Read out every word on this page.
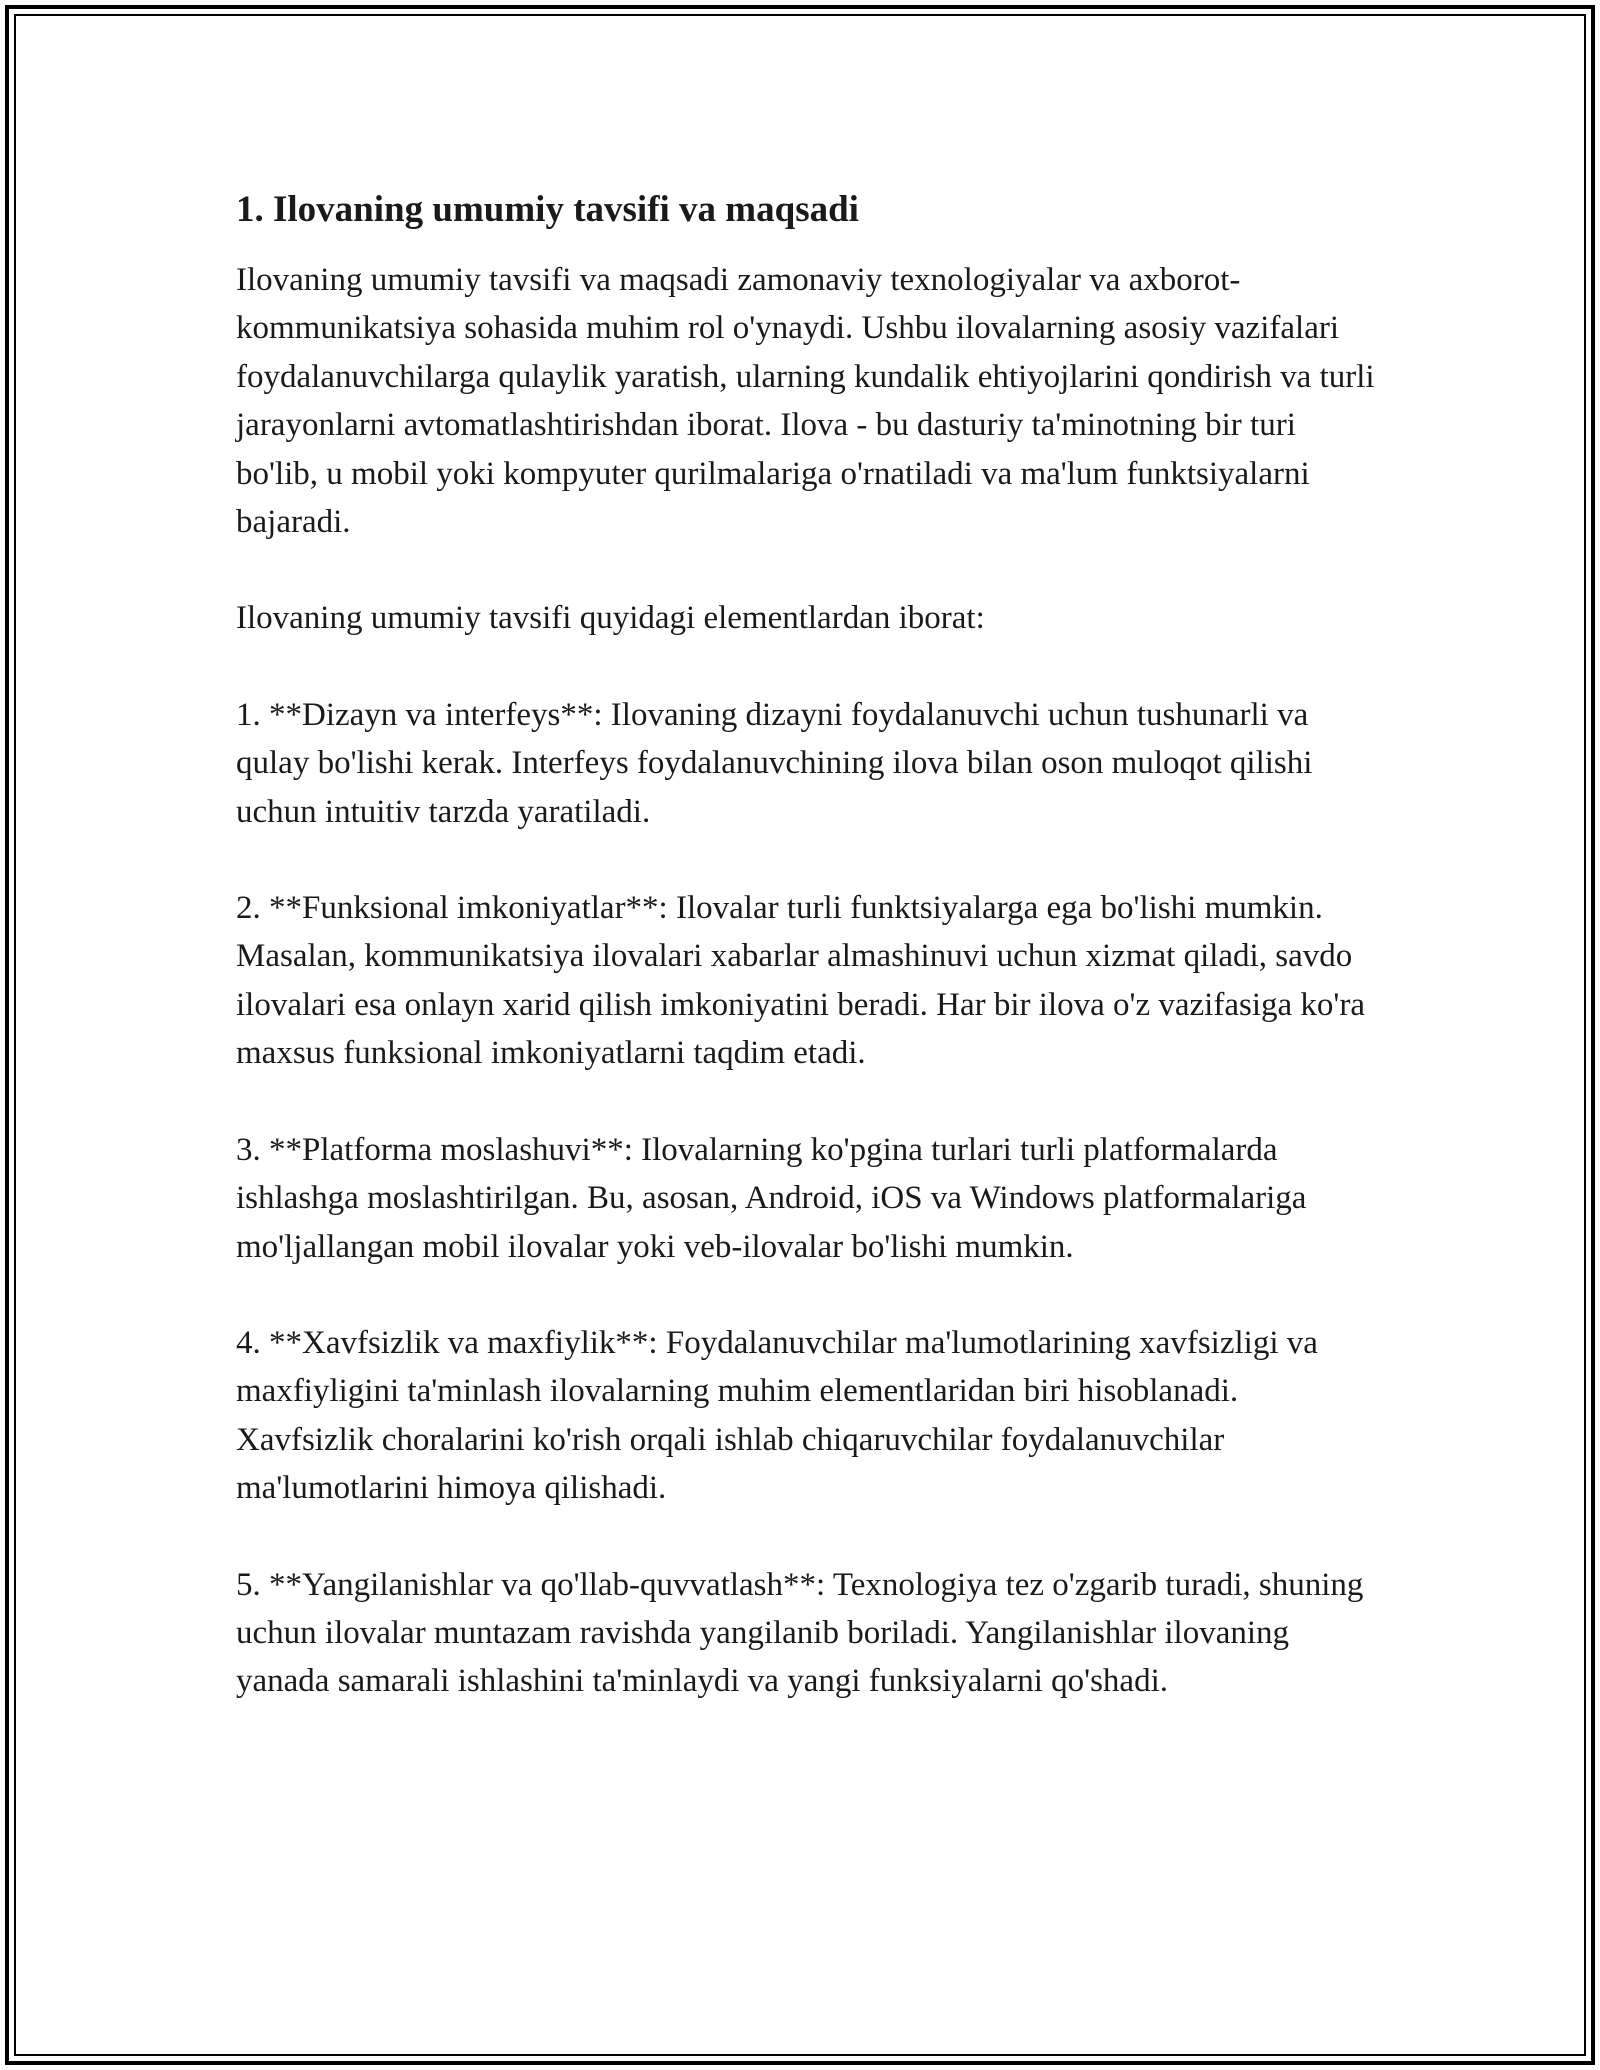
1. Ilovaning umumiy tavsifi va maqsadi

Ilovaning umumiy tavsifi va maqsadi zamonaviy texnologiyalar va axborot-kommunikatsiya sohasida muhim rol o'ynaydi. Ushbu ilovalarning asosiy vazifalari foydalanuvchilarga qulaylik yaratish, ularning kundalik ehtiyojlarini qondirish va turli jarayonlarni avtomatlashtirishdan iborat. Ilova - bu dasturiy ta'minotning bir turi bo'lib, u mobil yoki kompyuter qurilmalariga o'rnatiladi va ma'lum funktsiyalarni bajaradi.

Ilovaning umumiy tavsifi quyidagi elementlardan iborat:

1. **Dizayn va interfeys**: Ilovaning dizayni foydalanuvchi uchun tushunarli va qulay bo'lishi kerak. Interfeys foydalanuvchining ilova bilan oson muloqot qilishi uchun intuitiv tarzda yaratiladi.

2. **Funksional imkoniyatlar**: Ilovalar turli funktsiyalarga ega bo'lishi mumkin. Masalan, kommunikatsiya ilovalari xabarlar almashinuvi uchun xizmat qiladi, savdo ilovalari esa onlayn xarid qilish imkoniyatini beradi. Har bir ilova o'z vazifasiga ko'ra maxsus funksional imkoniyatlarni taqdim etadi.

3. **Platforma moslashuvi**: Ilovalarning ko'pgina turlari turli platformalarda ishlashga moslashtirilgan. Bu, asosan, Android, iOS va Windows platformalariga mo'ljallangan mobil ilovalar yoki veb-ilovalar bo'lishi mumkin.

4. **Xavfsizlik va maxfiylik**: Foydalanuvchilar ma'lumotlarining xavfsizligi va maxfiyligini ta'minlash ilovalarning muhim elementlaridan biri hisoblanadi. Xavfsizlik choralarini ko'rish orqali ishlab chiqaruvchilar foydalanuvchilar ma'lumotlarini himoya qilishadi.

5. **Yangilanishlar va qo'llab-quvvatlash**: Texnologiya tez o'zgarib turadi, shuning uchun ilovalar muntazam ravishda yangilanib boriladi. Yangilanishlar ilovaning yanada samarali ishlashini ta'minlaydi va yangi funksiyalarni qo'shadi.
